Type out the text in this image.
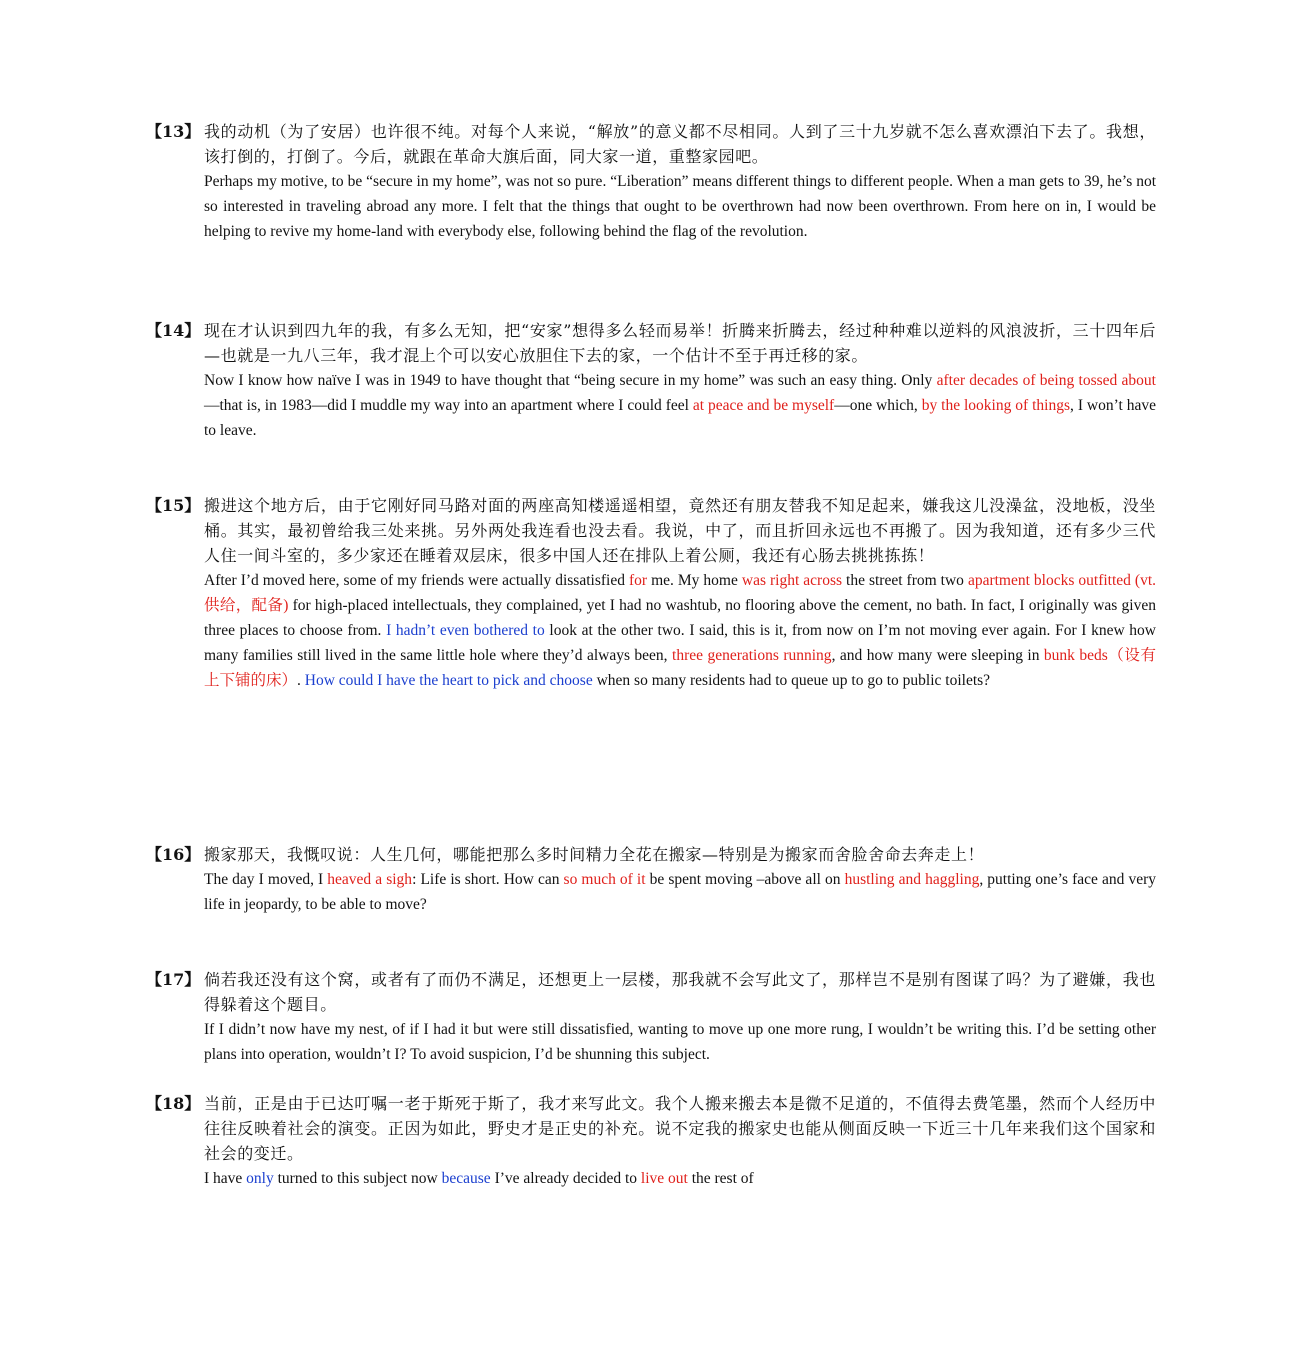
【13】 我的动机（为了安居）也许很不纯。对每个人来说，“解放”的意义都不尽相同。人到了三十九岁就不怎么喜欢漂泊下去了。我想，该打倒的，打倒了。今后，就跟在革命大旗后面，同大家一道，重整家园吧。
Perhaps my motive, to be “secure in my home”, was not so pure. “Liberation” means different things to different people. When a man gets to 39, he’s not so interested in traveling abroad any more. I felt that the things that ought to be overthrown had now been overthrown. From here on in, I would be helping to revive my home-land with everybody else, following behind the flag of the revolution.
【14】 现在才认识到四九年的我，有多么无知，把“安家”想得多么轻而易举！折腾来折腾去，经过种种难以逆料的风浪波折，三十四年后—也就是一九八三年，我才混上个可以安心放胆住下去的家，一个估计不至于再迁移的家。
Now I know how naïve I was in 1949 to have thought that “being secure in my home” was such an easy thing. Only after decades of being tossed about—that is, in 1983—did I muddle my way into an apartment where I could feel at peace and be myself—one which, by the looking of things, I won’t have to leave.
【15】 搬进这个地方后，由于它刚好同马路对面的两座高知楼遥遥相望，竟然还有朋友替我不知足起来，嫌我这儿没澡盆，没地板，没坐桶。其实，最初曾给我三处来挑。另外两处我连看也没去看。我说，中了，而且折回永远也不再搬了。因为我知道，还有多少三代人住一间斗室的，多少家还在睡着双层床，很多中国人还在排队上着公厕，我还有心肠去挑挑拣拣！
After I’d moved here, some of my friends were actually dissatisfied for me. My home was right across the street from two apartment blocks outfitted (vt.供给，配备) for high-placed intellectuals, they complained, yet I had no washtub, no flooring above the cement, no bath. In fact, I originally was given three places to choose from. I hadn’t even bothered to look at the other two. I said, this is it, from now on I’m not moving ever again. For I knew how many families still lived in the same little hole where they’d always been, three generations running, and how many were sleeping in bunk beds（设有上下铺的床）. How could I have the heart to pick and choose when so many residents had to queue up to go to public toilets?
【16】 搬家那天，我慨叹说：人生几何，哪能把那么多时间精力全花在搬家—特别是为搬家而舍脸舍命去奔走上！
The day I moved, I heaved a sigh: Life is short. How can so much of it be spent moving –above all on hustling and haggling, putting one’s face and very life in jeopardy, to be able to move?
【17】 倘若我还没有这个窝，或者有了而仍不满足，还想更上一层楼，那我就不会写此文了，那样岂不是别有图谋了吗？为了避嫌，我也得躲着这个题目。
If I didn’t now have my nest, of if I had it but were still dissatisfied, wanting to move up one more rung, I wouldn’t be writing this. I’d be setting other plans into operation, wouldn’t I? To avoid suspicion, I’d be shunning this subject.
【18】 当前，正是由于已达叮嘱一老于斯死于斯了，我才来写此文。我个人搬来搬去本是微不足道的，不值得去费笔墨，然而个人经历中往往反映着社会的演变。正因为如此，野史才是正史的补充。说不定我的搬家史也能从侧面反映一下近三十几年来我们这个国家和社会的变迁。
I have only turned to this subject now because I’ve already decided to live out the rest of
